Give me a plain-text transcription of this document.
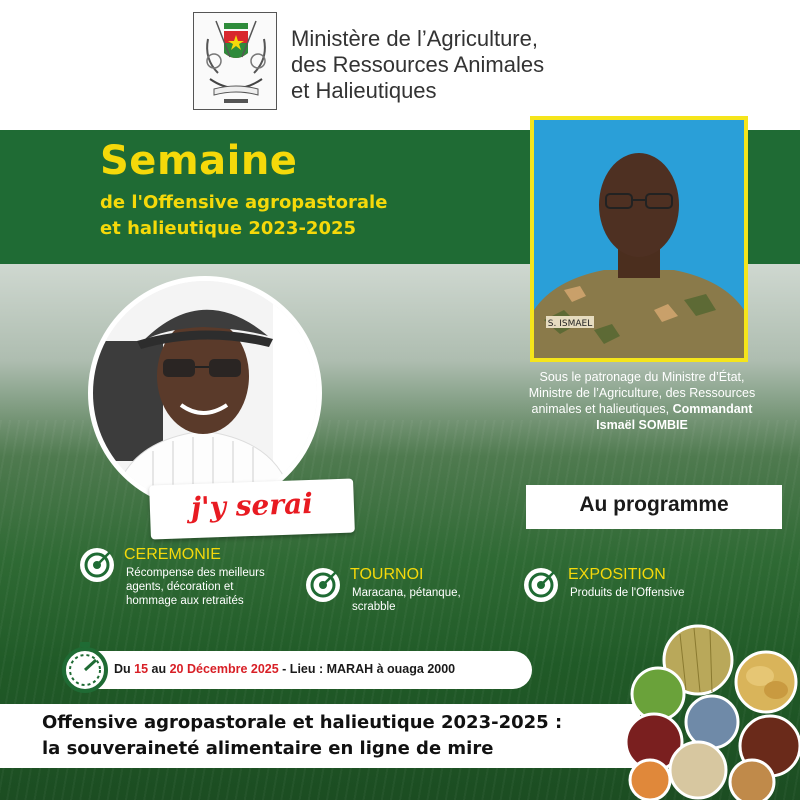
Ministère de l’Agriculture,
des Ressources Animales
et Halieutiques
Semaine
de l'Offensive agropastorale
et halieutique 2023-2025
S. ISMAEL
Sous le patronage du Ministre d’État,
Ministre de l’Agriculture, des Ressources
animales et halieutiques, Commandant
Ismaël SOMBIE
j'y serai	Au programme
CEREMONIE
Récompense des meilleurs
agents, décoration et
hommage aux retraités
TOURNOI
Maracana, pétanque,
scrabble
EXPOSITION
Produits de l'Offensive
Du 15 au 20 Décembre 2025 - Lieu : MARAH à ouaga 2000
Offensive agropastorale et halieutique 2023-2025 :
la souveraineté alimentaire en ligne de mire
